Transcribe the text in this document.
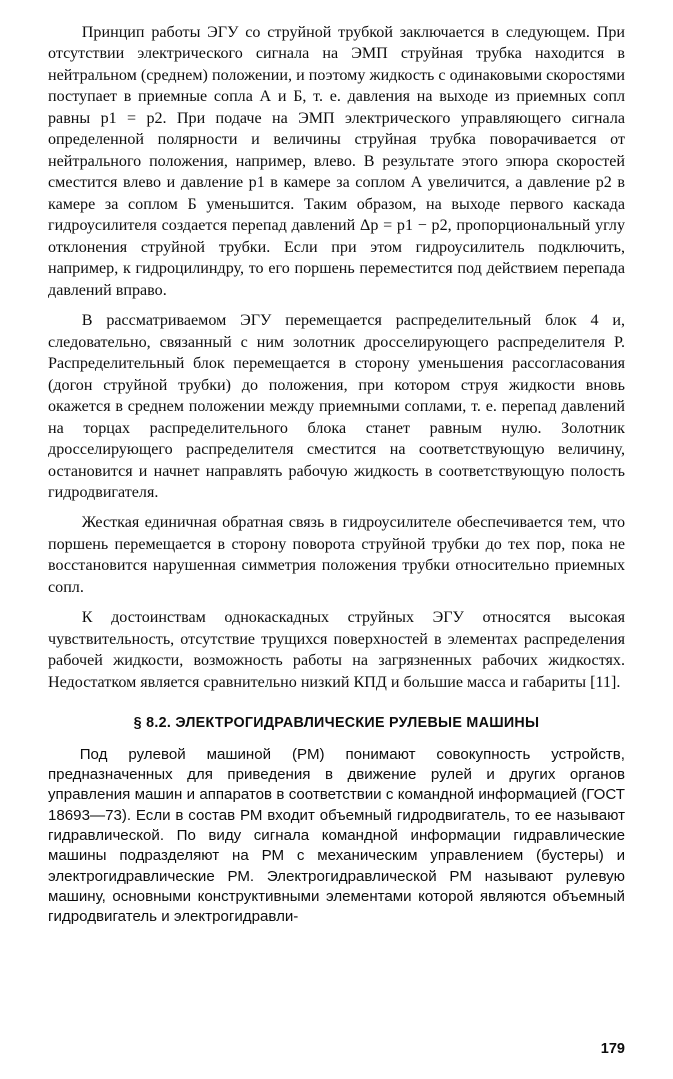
Принцип работы ЭГУ со струйной трубкой заключается в следующем. При отсутствии электрического сигнала на ЭМП струйная трубка находится в нейтральном (среднем) положении, и поэтому жидкость с одинаковыми скоростями поступает в приемные сопла А и Б, т. е. давления на выходе из приемных сопл равны p1 = p2. При подаче на ЭМП электрического управляющего сигнала определенной полярности и величины струйная трубка поворачивается от нейтрального положения, например, влево. В результате этого эпюра скоростей сместится влево и давление p1 в камере за соплом А увеличится, а давление p2 в камере за соплом Б уменьшится. Таким образом, на выходе первого каскада гидроусилителя создается перепад давлений Δp = p1 − p2, пропорциональный углу отклонения струйной трубки. Если при этом гидроусилитель подключить, например, к гидроцилиндру, то его поршень переместится под действием перепада давлений вправо.

В рассматриваемом ЭГУ перемещается распределительный блок 4 и, следовательно, связанный с ним золотник дросселирующего распределителя Р. Распределительный блок перемещается в сторону уменьшения рассогласования (догон струйной трубки) до положения, при котором струя жидкости вновь окажется в среднем положении между приемными соплами, т. е. перепад давлений на торцах распределительного блока станет равным нулю. Золотник дросселирующего распределителя сместится на соответствующую величину, остановится и начнет направлять рабочую жидкость в соответствующую полость гидродвигателя.

Жесткая единичная обратная связь в гидроусилителе обеспечивается тем, что поршень перемещается в сторону поворота струйной трубки до тех пор, пока не восстановится нарушенная симметрия положения трубки относительно приемных сопл.

К достоинствам однокаскадных струйных ЭГУ относятся высокая чувствительность, отсутствие трущихся поверхностей в элементах распределения рабочей жидкости, возможность работы на загрязненных рабочих жидкостях. Недостатком является сравнительно низкий КПД и большие масса и габариты [11].

§ 8.2. ЭЛЕКТРОГИДРАВЛИЧЕСКИЕ РУЛЕВЫЕ МАШИНЫ

Под рулевой машиной (РМ) понимают совокупность устройств, предназначенных для приведения в движение рулей и других органов управления машин и аппаратов в соответствии с командной информацией (ГОСТ 18693—73). Если в состав РМ входит объемный гидродвигатель, то ее называют гидравлической. По виду сигнала командной информации гидравлические машины подразделяют на РМ с механическим управлением (бустеры) и электрогидравлические РМ. Электрогидравлической РМ называют рулевую машину, основными конструктивными элементами которой являются объемный гидродвигатель и электрогидравли-

179
